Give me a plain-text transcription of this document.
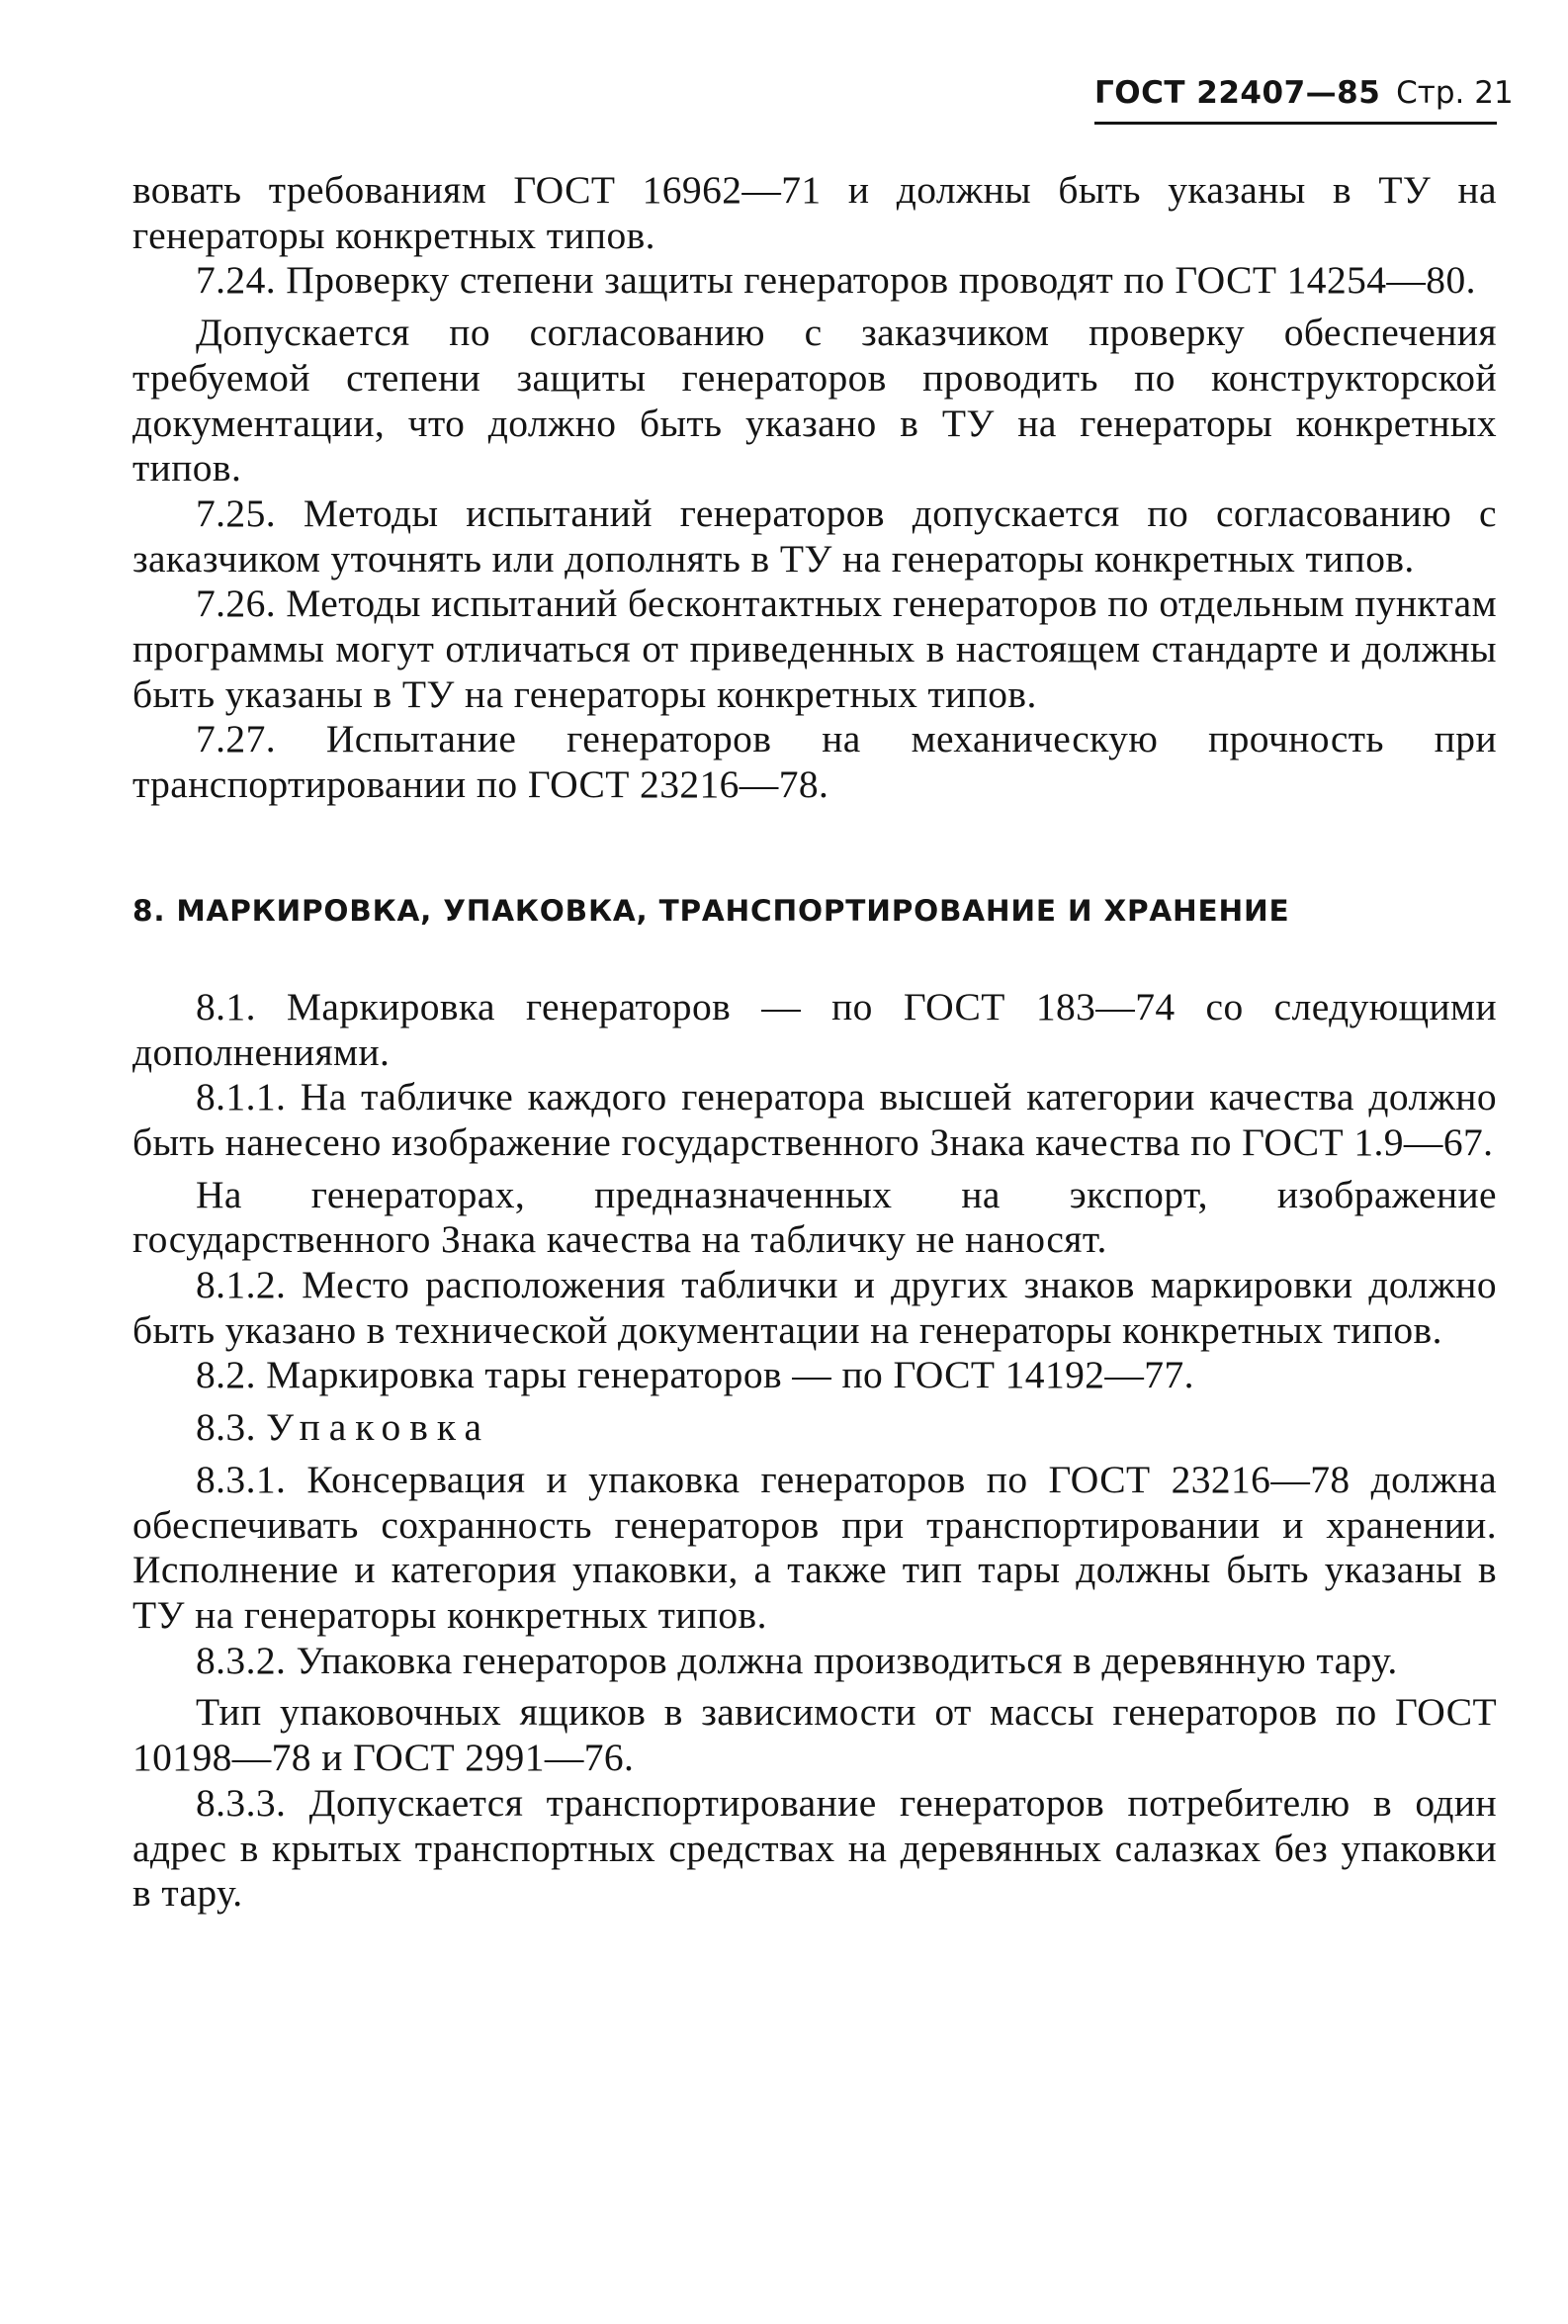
ГОСТ 22407—85 Стр. 21

вовать требованиям ГОСТ 16962—71 и должны быть указаны в ТУ на генераторы конкретных типов.

7.24. Проверку степени защиты генераторов проводят по ГОСТ 14254—80.

Допускается по согласованию с заказчиком проверку обеспечения требуемой степени защиты генераторов проводить по конструкторской документации, что должно быть указано в ТУ на генераторы конкретных типов.

7.25. Методы испытаний генераторов допускается по согласованию с заказчиком уточнять или дополнять в ТУ на генераторы конкретных типов.

7.26. Методы испытаний бесконтактных генераторов по отдельным пунктам программы могут отличаться от приведенных в настоящем стандарте и должны быть указаны в ТУ на генераторы конкретных типов.

7.27. Испытание генераторов на механическую прочность при транспортировании по ГОСТ 23216—78.

8. МАРКИРОВКА, УПАКОВКА, ТРАНСПОРТИРОВАНИЕ И ХРАНЕНИЕ

8.1. Маркировка генераторов — по ГОСТ 183—74 со следующими дополнениями.

8.1.1. На табличке каждого генератора высшей категории качества должно быть нанесено изображение государственного Знака качества по ГОСТ 1.9—67.

На генераторах, предназначенных на экспорт, изображение государственного Знака качества на табличку не наносят.

8.1.2. Место расположения таблички и других знаков маркировки должно быть указано в технической документации на генераторы конкретных типов.

8.2. Маркировка тары генераторов — по ГОСТ 14192—77.

8.3. Упаковка

8.3.1. Консервация и упаковка генераторов по ГОСТ 23216—78 должна обеспечивать сохранность генераторов при транспортировании и хранении. Исполнение и категория упаковки, а также тип тары должны быть указаны в ТУ на генераторы конкретных типов.

8.3.2. Упаковка генераторов должна производиться в деревянную тару.

Тип упаковочных ящиков в зависимости от массы генераторов по ГОСТ 10198—78 и ГОСТ 2991—76.

8.3.3. Допускается транспортирование генераторов потребителю в один адрес в крытых транспортных средствах на деревянных салазках без упаковки в тару.
